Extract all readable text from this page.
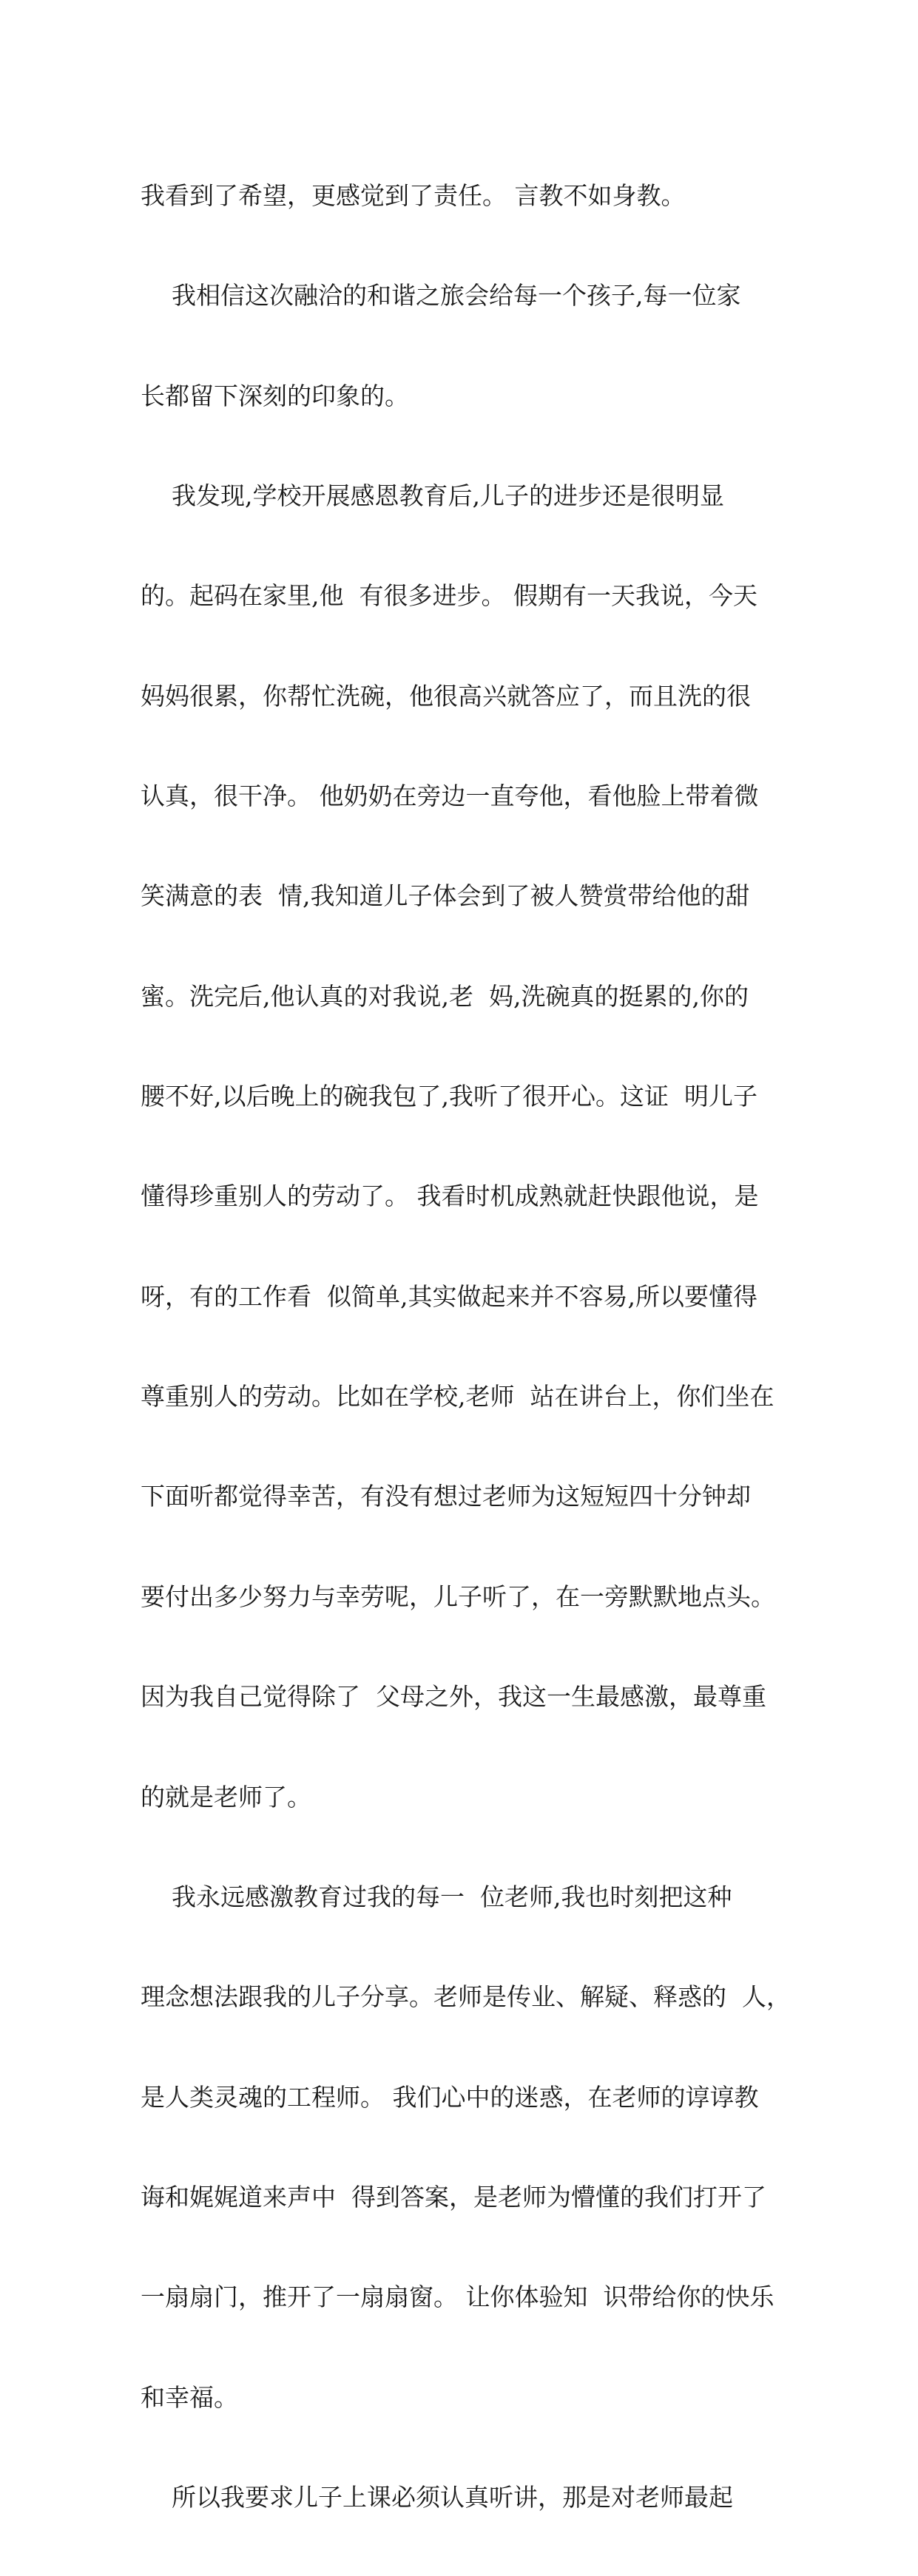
我看到了希望，更感觉到了责任。 言教不如身教。

我相信这次融洽的和谐之旅会给每一个孩子,每一位家

长都留下深刻的印象的。

我发现,学校开展感恩教育后,儿子的进步还是很明显

的。起码在家里,他  有很多进步。 假期有一天我说，今天

妈妈很累，你帮忙洗碗，他很高兴就答应了，而且洗的很

认真，很干净。 他奶奶在旁边一直夸他，看他脸上带着微

笑满意的表  情,我知道儿子体会到了被人赞赏带给他的甜

蜜。洗完后,他认真的对我说,老  妈,洗碗真的挺累的,你的

腰不好,以后晚上的碗我包了,我听了很开心。这证  明儿子

懂得珍重别人的劳动了。 我看时机成熟就赶快跟他说，是

呀，有的工作看  似简单,其实做起来并不容易,所以要懂得

尊重别人的劳动。比如在学校,老师  站在讲台上，你们坐在

下面听都觉得幸苦，有没有想过老师为这短短四十分钟却

要付出多少努力与幸劳呢，儿子听了，在一旁默默地点头。

因为我自己觉得除了  父母之外，我这一生最感激，最尊重

的就是老师了。

我永远感激教育过我的每一  位老师,我也时刻把这种

理念想法跟我的儿子分享。老师是传业、解疑、释惑的  人，

是人类灵魂的工程师。 我们心中的迷惑，在老师的谆谆教

诲和娓娓道来声中  得到答案，是老师为懵懂的我们打开了

一扇扇门，推开了一扇扇窗。 让你体验知  识带给你的快乐

和幸福。

所以我要求儿子上课必须认真听讲，那是对老师最起
